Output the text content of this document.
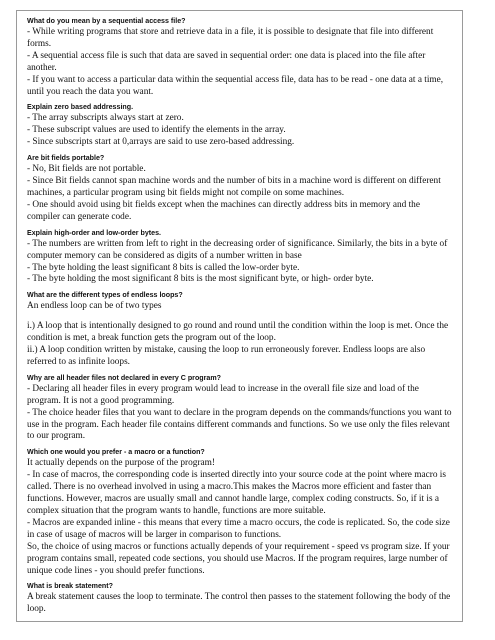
What do you mean by a sequential access file?

- While writing programs that store and retrieve data in a file, it is possible to designate that file into different forms.

- A sequential access file is such that data are saved in sequential order: one data is placed into the file after another.

- If you want to access a particular data within the sequential access file, data has to be read - one data at a time, until you reach the data you want.

Explain zero based addressing.

- The array subscripts always start at zero.

- These subscript values are used to identify the elements in the array.

- Since subscripts start at 0,arrays are said to use zero-based addressing.

Are bit fields portable?

- No, Bit fields are not portable.

- Since Bit fields cannot span machine words and the number of bits in a machine word is different on different machines, a particular program using bit fields might not compile on some machines.

- One should avoid using bit fields except when the machines can directly address bits in memory and the compiler can generate code.

Explain high-order and low-order bytes.

- The numbers are written from left to right in the decreasing order of significance. Similarly, the bits in a byte of computer memory can be considered as digits of a number written in base

- The byte holding the least significant 8 bits is called the low-order byte.

- The byte holding the most significant 8 bits is the most significant byte, or high- order byte.

What are the different types of endless loops?

An endless loop can be of two types

i.) A loop that is intentionally designed to go round and round until the condition within the loop is met. Once the condition is met, a break function gets the program out of the loop.

ii.) A loop condition written by mistake, causing the loop to run erroneously forever. Endless loops are also referred to as infinite loops.

Why are all header files not declared in every C program?

- Declaring all header files in every program would lead to increase in the overall file size and load of the program. It is not a good programming.

- The choice header files that you want to declare in the program depends on the commands/functions you want to use in the program. Each header file contains different commands and functions. So we use only the files relevant to our program.

Which one would you prefer - a macro or a function?

It actually depends on the purpose of the program!

- In case of macros, the corresponding code is inserted directly into your source code at the point where macro is called. There is no overhead involved in using a macro.This makes the Macros more efficient and faster than functions. However, macros are usually small and cannot handle large, complex coding constructs. So, if it is a complex situation that the program wants to handle, functions are more suitable.

- Macros are expanded inline - this means that every time a macro occurs, the code is replicated. So, the code size in case of usage of macros will be larger in comparison to functions.

So, the choice of using macros or functions actually depends of your requirement - speed vs program size. If your program contains small, repeated code sections, you should use Macros. If the program requires, large number of unique code lines - you should prefer functions.

What is break statement?

A break statement causes the loop to terminate. The control then passes to the statement following the body of the loop.
